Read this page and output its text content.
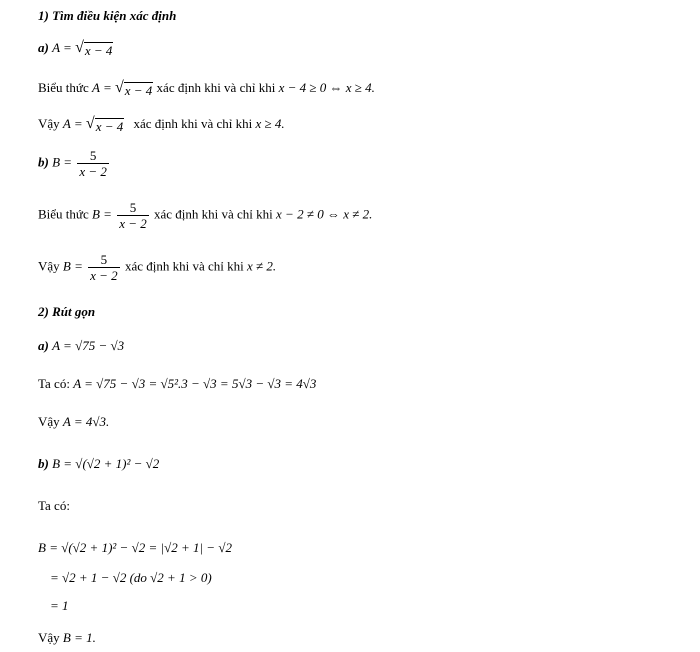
1) Tìm điều kiện xác định
a) A = √ x − 4
Biểu thức A = √ x − 4 xác định khi và chỉ khi x − 4 ≥ 0 ⇔ x ≥ 4.
Vậy A = √ x − 4 xác định khi và chỉ khi x ≥ 4.
b) $B = \frac{5}{x - 2}$
Biểu thức $B = \frac{5}{x - 2}$ xác định khi và chỉ khi x − 2 ≠ 0 ⇔ x ≠ 2.
Vậy $B = \frac{5}{x - 2}$ xác định khi và chỉ khi x ≠ 2.
2) Rút gọn
a) A = √75 − √3
Ta có: A = √75 − √3 = √5².3 − √3 = 5√3 − √3 = 4√3
Vậy A = 4√3.
b) B = √(√2 + 1)² − √2
Ta có:
B = √(√2 + 1)² − √2 = |√2 + 1| − √2
= √2 + 1 − √2 (do √2 + 1 > 0)
= 1
Vậy B = 1.
